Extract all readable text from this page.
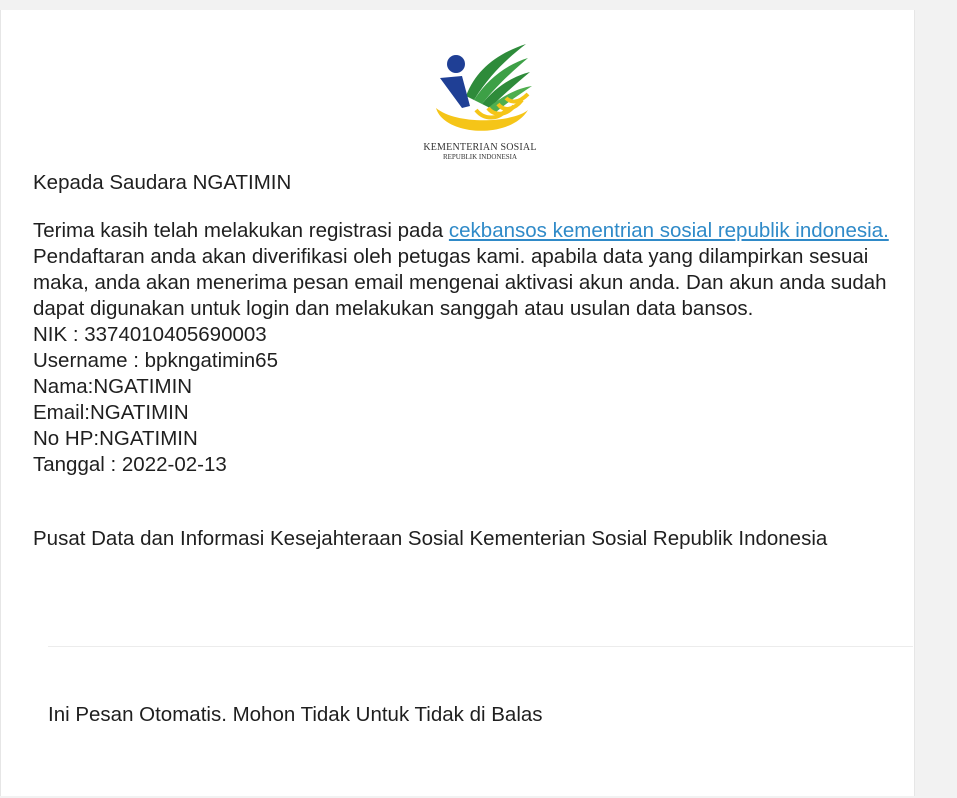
KEMENTERIAN SOSIAL
REPUBLIK INDONESIA
Kepada Saudara NGATIMIN

Terima kasih telah melakukan registrasi pada cekbansos kementrian sosial republik indonesia. Pendaftaran anda akan diverifikasi oleh petugas kami. apabila data yang dilampirkan sesuai maka, anda akan menerima pesan email mengenai aktivasi akun anda. Dan akun anda sudah dapat digunakan untuk login dan melakukan sanggah atau usulan data bansos.

NIK : 3374010405690003
Username : bpkngatimin65
Nama:NGATIMIN
Email:NGATIMIN
No HP:NGATIMIN
Tanggal : 2022-02-13
Pusat Data dan Informasi Kesejahteraan Sosial Kementerian Sosial Republik Indonesia
Ini Pesan Otomatis. Mohon Tidak Untuk Tidak di Balas
